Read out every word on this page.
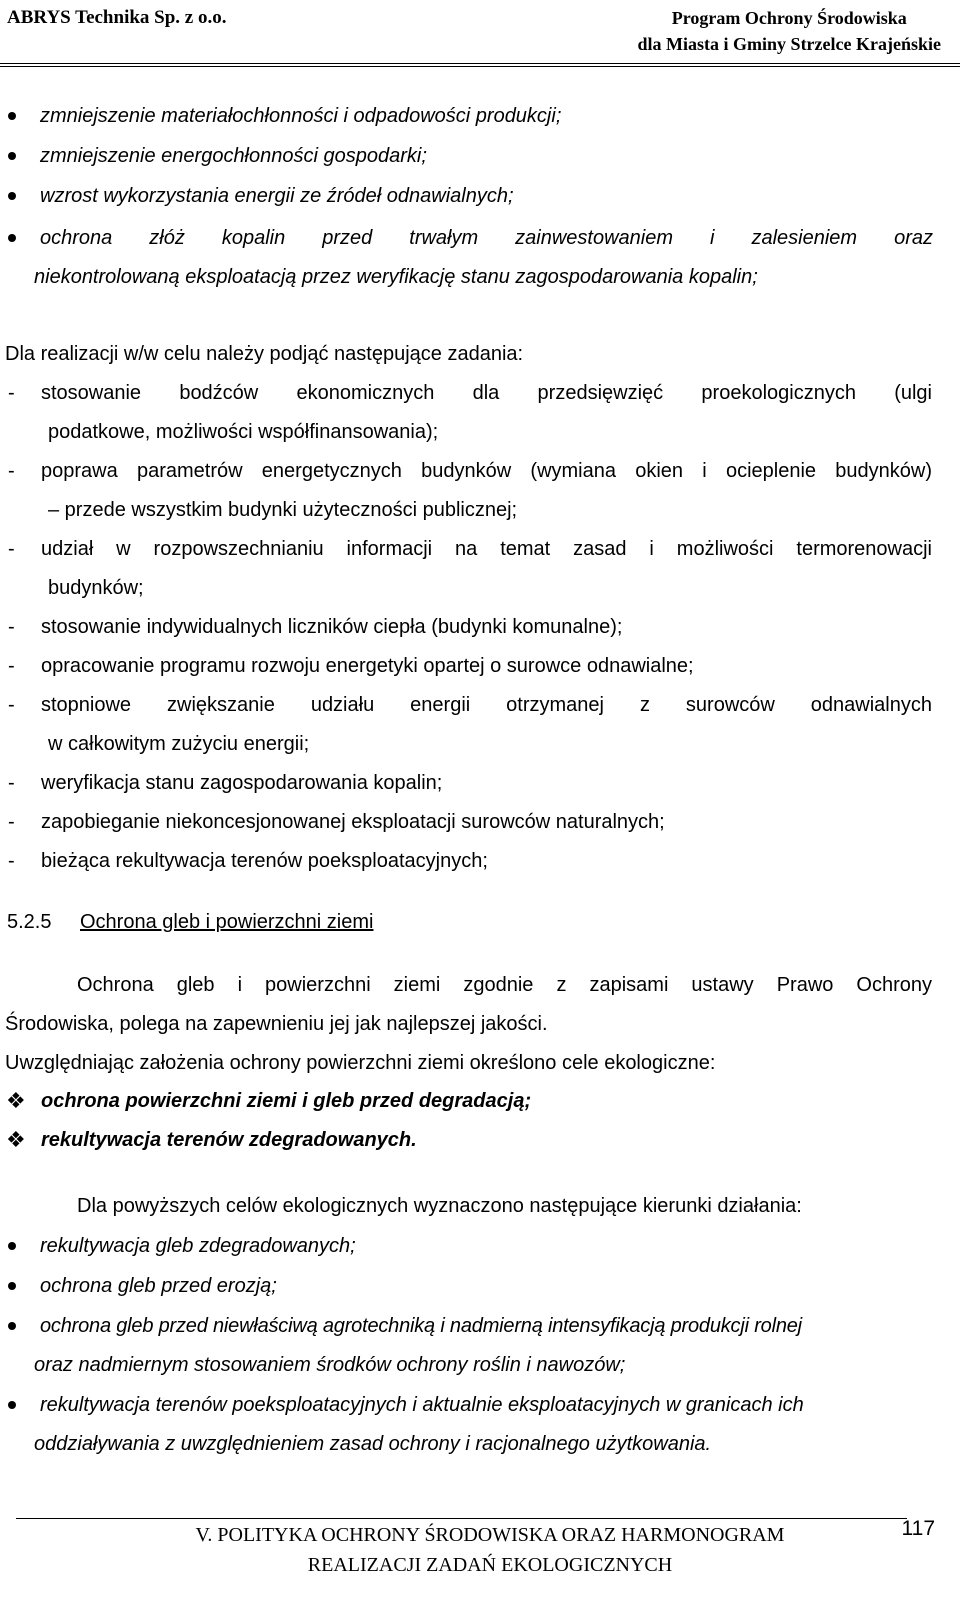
ABRYS Technika Sp. z o.o.	Program Ochrony Środowiska
dla Miasta i Gminy Strzelce Krajeńskie
zmniejszenie materiałochłonności i odpadowości produkcji;
zmniejszenie energochłonności gospodarki;
wzrost wykorzystania energii ze źródeł odnawialnych;
ochrona złóż kopalin przed trwałym zainwestowaniem i zalesieniem oraz
niekontrolowaną eksploatacją przez weryfikację stanu zagospodarowania kopalin;
Dla realizacji w/w celu należy podjąć następujące zadania:
- stosowanie bodźców ekonomicznych dla przedsięwzięć proekologicznych (ulgi
podatkowe, możliwości współfinansowania);
- poprawa parametrów energetycznych budynków (wymiana okien i ocieplenie budynków)
– przede wszystkim budynki użyteczności publicznej;
- udział w rozpowszechnianiu informacji na temat zasad i możliwości termorenowacji
budynków;
- stosowanie indywidualnych liczników ciepła (budynki komunalne);
- opracowanie programu rozwoju energetyki opartej o surowce odnawialne;
- stopniowe zwiększanie udziału energii otrzymanej z surowców odnawialnych
w całkowitym zużyciu energii;
- weryfikacja stanu zagospodarowania kopalin;
- zapobieganie niekoncesjonowanej eksploatacji surowców naturalnych;
- bieżąca rekultywacja terenów poeksploatacyjnych;
5.2.5 Ochrona gleb i powierzchni ziemi
Ochrona gleb i powierzchni ziemi zgodnie z zapisami ustawy Prawo Ochrony
Środowiska, polega na zapewnieniu jej jak najlepszej jakości.
Uwzględniając założenia ochrony powierzchni ziemi określono cele ekologiczne:
❖ ochrona powierzchni ziemi i gleb przed degradacją;
❖ rekultywacja terenów zdegradowanych.
Dla powyższych celów ekologicznych wyznaczono następujące kierunki działania:
rekultywacja gleb zdegradowanych;
ochrona gleb przed erozją;
ochrona gleb przed niewłaściwą agrotechniką i nadmierną intensyfikacją produkcji rolnej
oraz nadmiernym stosowaniem środków ochrony roślin i nawozów;
rekultywacja terenów poeksploatacyjnych i aktualnie eksploatacyjnych w granicach ich
oddziaływania z uwzględnieniem zasad ochrony i racjonalnego użytkowania.
V. POLITYKA OCHRONY ŚRODOWISKA ORAZ HARMONOGRAM
REALIZACJI ZADAŃ EKOLOGICZNYCH
117
